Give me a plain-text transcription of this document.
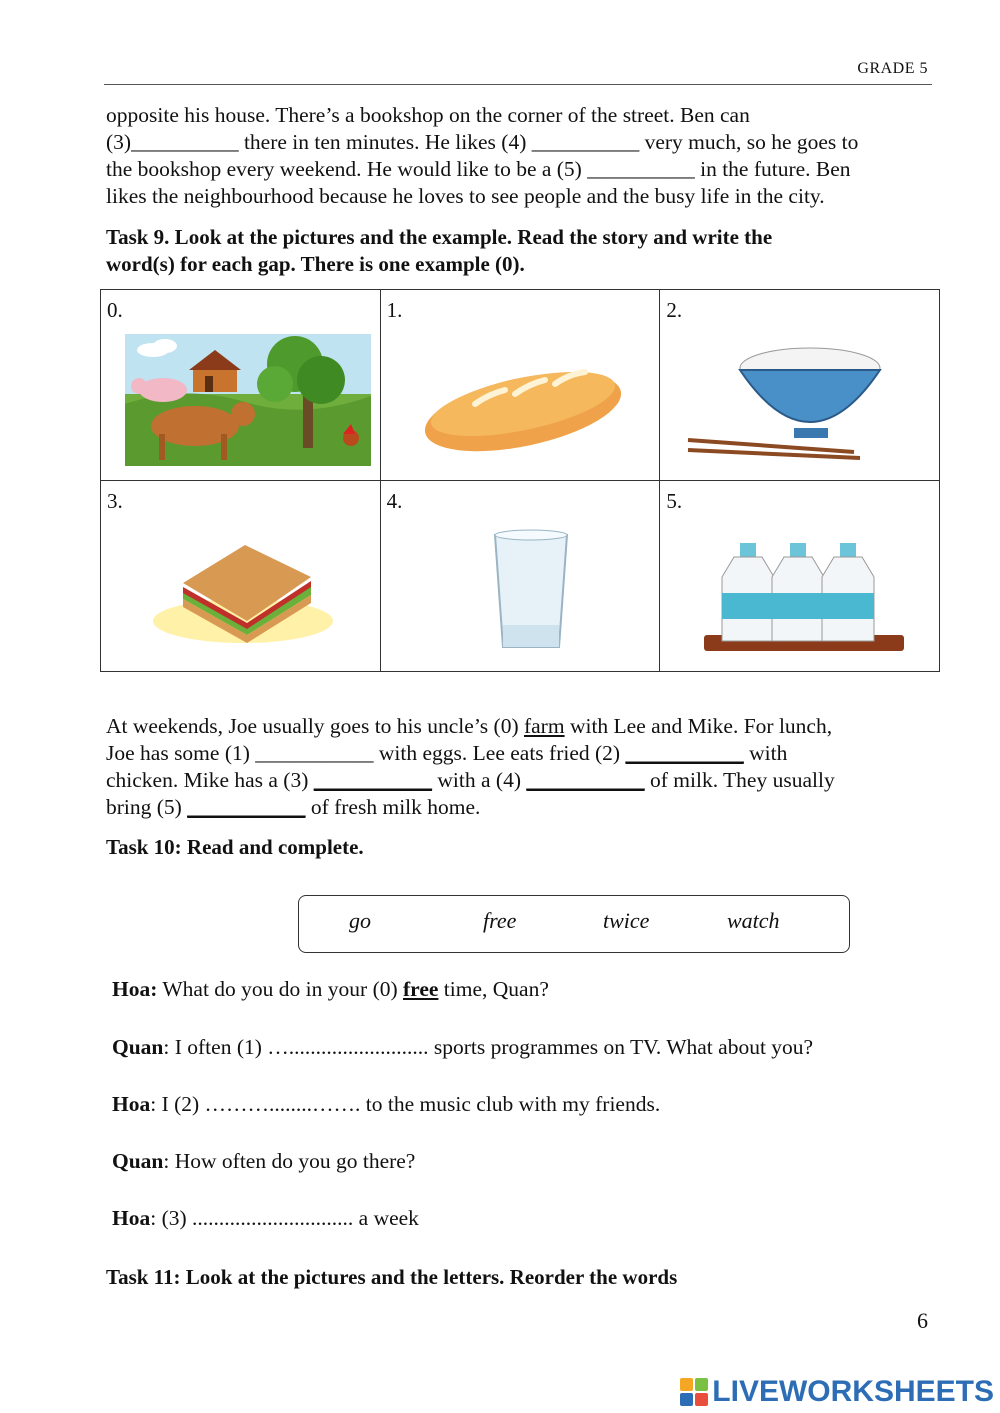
GRADE 5

opposite his house. There’s a bookshop on the corner of the street. Ben can

(3)__________ there in ten minutes. He likes (4) __________ very much, so he goes to

the bookshop every weekend. He would like to be a (5) __________ in the future. Ben

likes the neighbourhood because he loves to see people and the busy life in the city.

Task 9. Look at the pictures and the example. Read the story and write the

word(s) for each gap. There is one example (0).

0.	1.	2.

3.	4.	5.

At weekends, Joe usually goes to his uncle’s (0) farm with Lee and Mike. For lunch,

Joe has some (1) ___________ with eggs. Lee eats fried (2) ___________ with

chicken. Mike has a (3) ___________ with a (4) ___________ of milk. They usually

bring (5) ___________ of fresh milk home.

Task 10: Read and complete.
go	free	twice	watch
Hoa: What do you do in your (0) free time, Quan?
Quan: I often (1) ….......................... sports programmes on TV. What about you?
Hoa: I (2) ………........……. to the music club with my friends.
Quan: How often do you go there?
Hoa: (3) .............................. a week
Task 11: Look at the pictures and the letters. Reorder the words
6
LIVEWORKSHEETS
